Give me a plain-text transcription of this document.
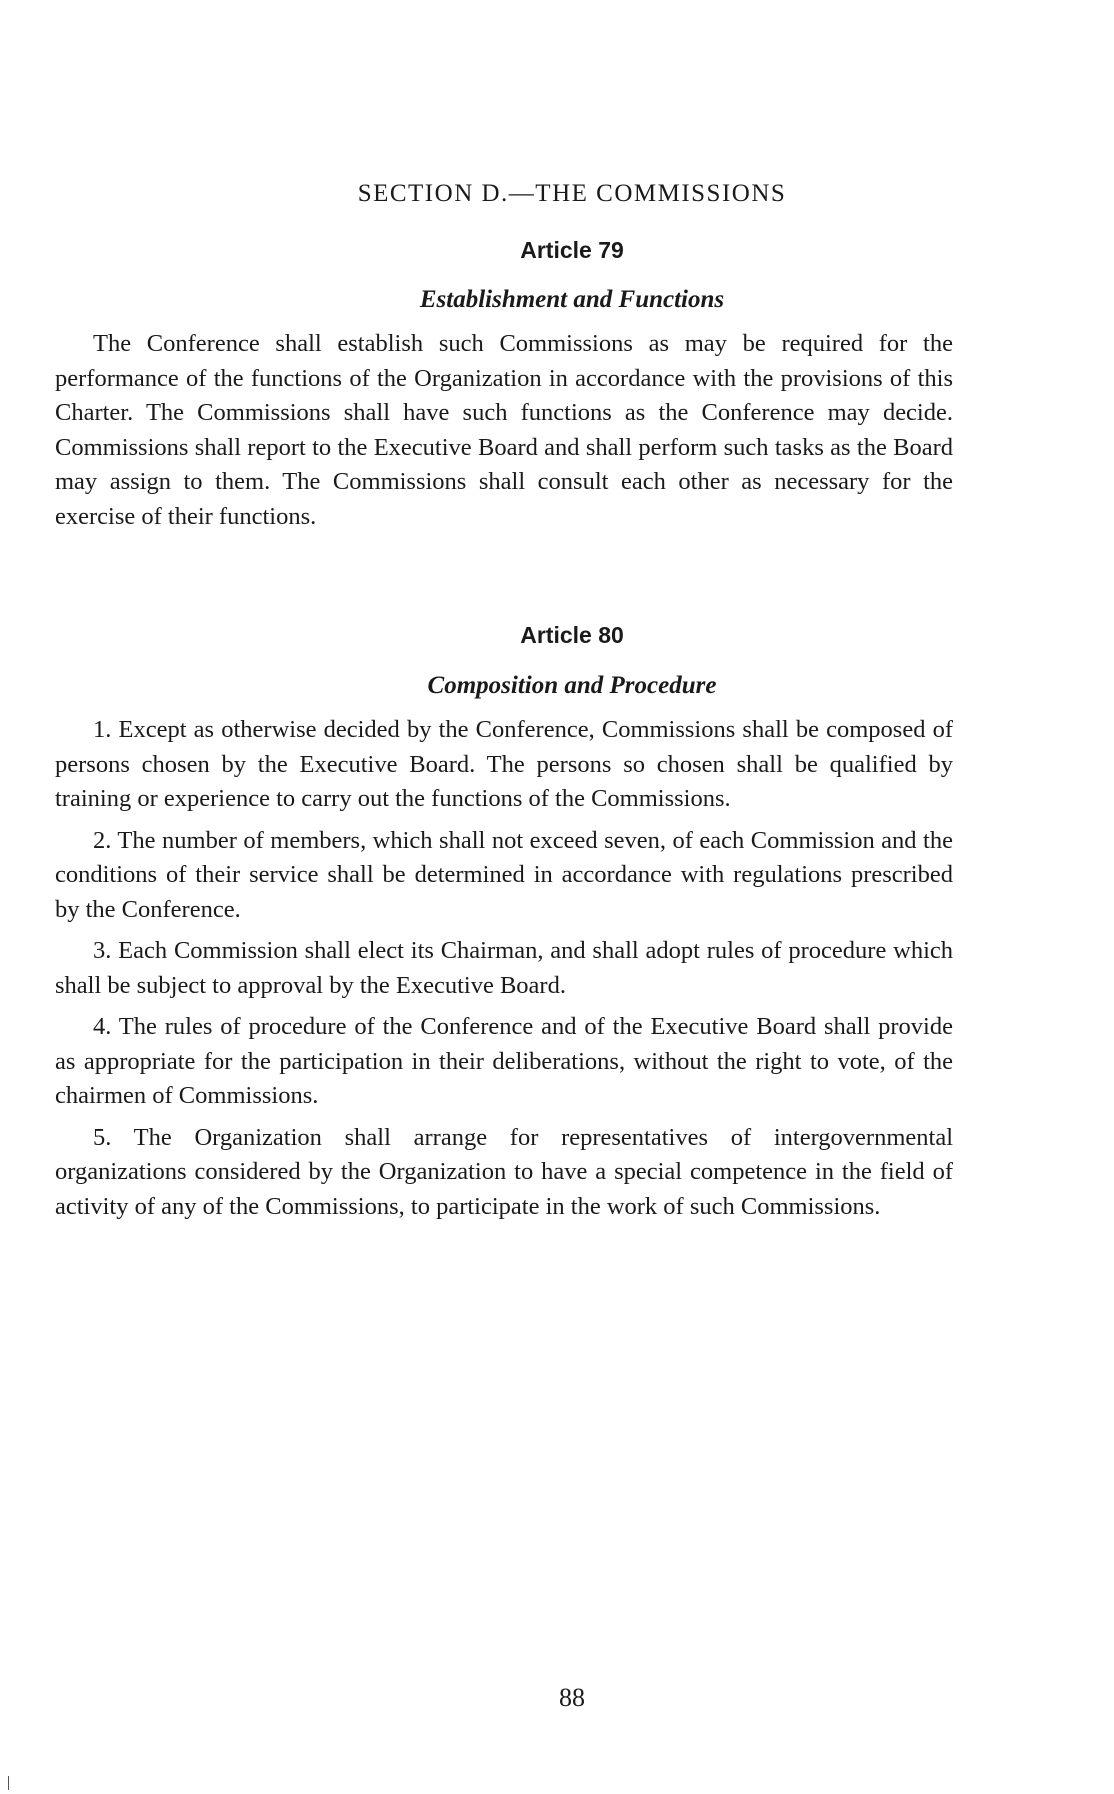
SECTION D.—THE COMMISSIONS
Article 79
Establishment and Functions

The Conference shall establish such Commissions as may be required for the performance of the functions of the Organization in accordance with the provisions of this Charter. The Commissions shall have such functions as the Conference may decide. Commissions shall report to the Executive Board and shall perform such tasks as the Board may assign to them. The Commissions shall consult each other as necessary for the exercise of their functions.

Article 80
Composition and Procedure

1. Except as otherwise decided by the Conference, Commissions shall be composed of persons chosen by the Executive Board. The persons so chosen shall be qualified by training or experience to carry out the functions of the Commissions.

2. The number of members, which shall not exceed seven, of each Commission and the conditions of their service shall be determined in accordance with regulations prescribed by the Conference.

3. Each Commission shall elect its Chairman, and shall adopt rules of procedure which shall be subject to approval by the Executive Board.

4. The rules of procedure of the Conference and of the Executive Board shall provide as appropriate for the participation in their deliberations, without the right to vote, of the chairmen of Commissions.

5. The Organization shall arrange for representatives of intergovernmental organizations considered by the Organization to have a special competence in the field of activity of any of the Commissions, to participate in the work of such Commissions.

88
